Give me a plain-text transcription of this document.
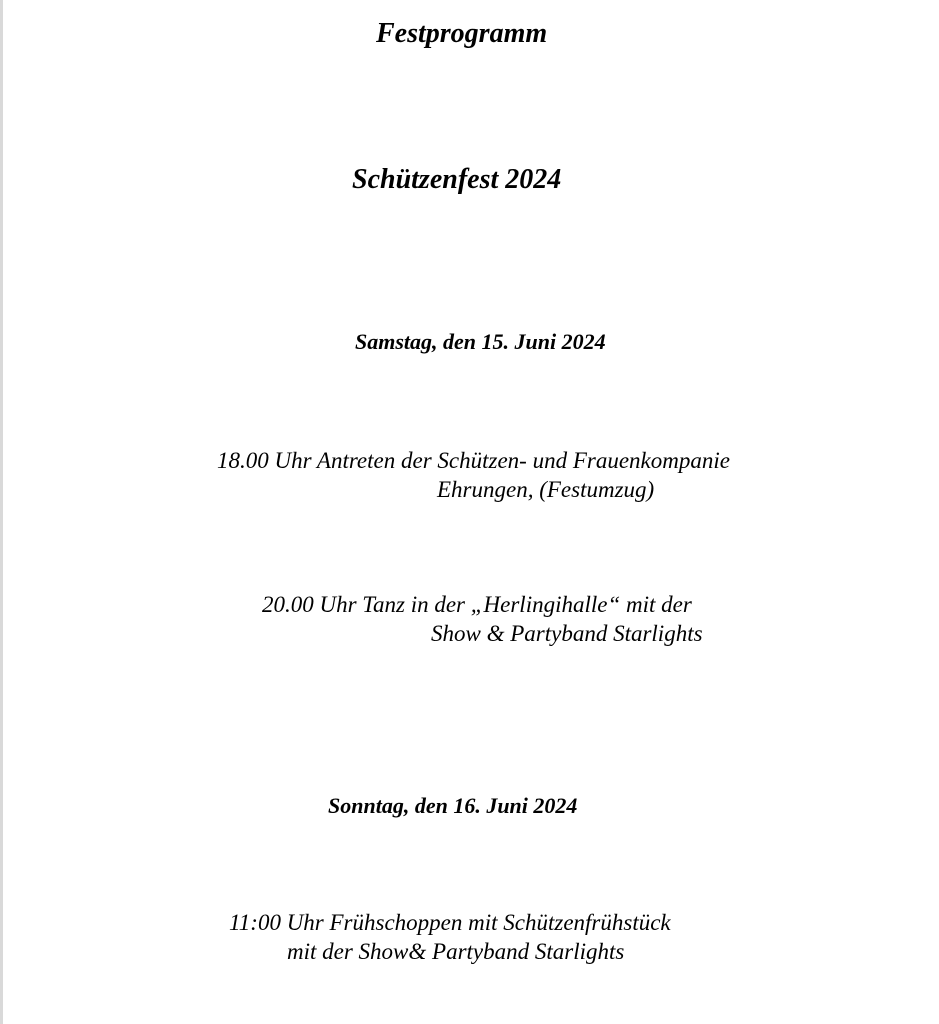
Festprogramm
Schützenfest 2024
Samstag, den 15. Juni 2024
18.00 Uhr Antreten der Schützen- und Frauenkompanie
Ehrungen, (Festumzug)
20.00 Uhr Tanz in der „Herlingihalle“ mit der
Show & Partyband Starlights
Sonntag, den 16. Juni 2024
11:00 Uhr Frühschoppen mit Schützenfrühstück
mit der Show& Partyband Starlights
